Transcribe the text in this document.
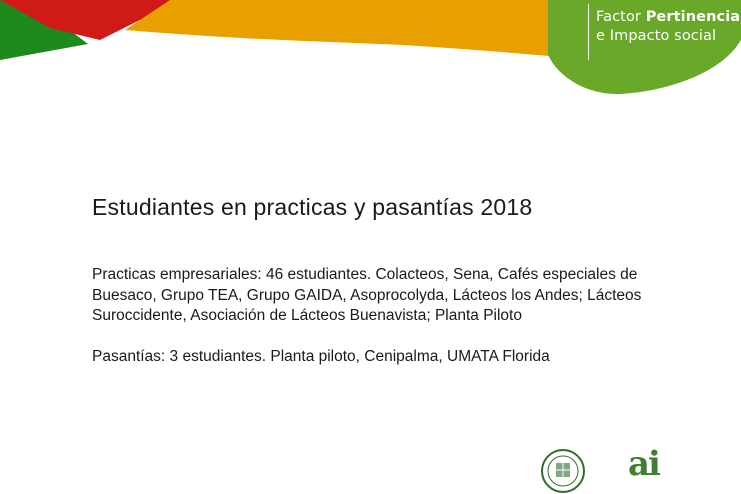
Factor Pertinencia
e Impacto social
Estudiantes en practicas y pasantías 2018

Practicas empresariales: 46 estudiantes. Colacteos, Sena, Cafés especiales de Buesaco, Grupo TEA, Grupo GAIDA, Asoprocolyda, Lácteos los Andes; Lácteos Suroccidente, Asociación de Lácteos Buenavista; Planta Piloto

Pasantías: 3 estudiantes. Planta piloto, Cenipalma, UMATA Florida

ai
